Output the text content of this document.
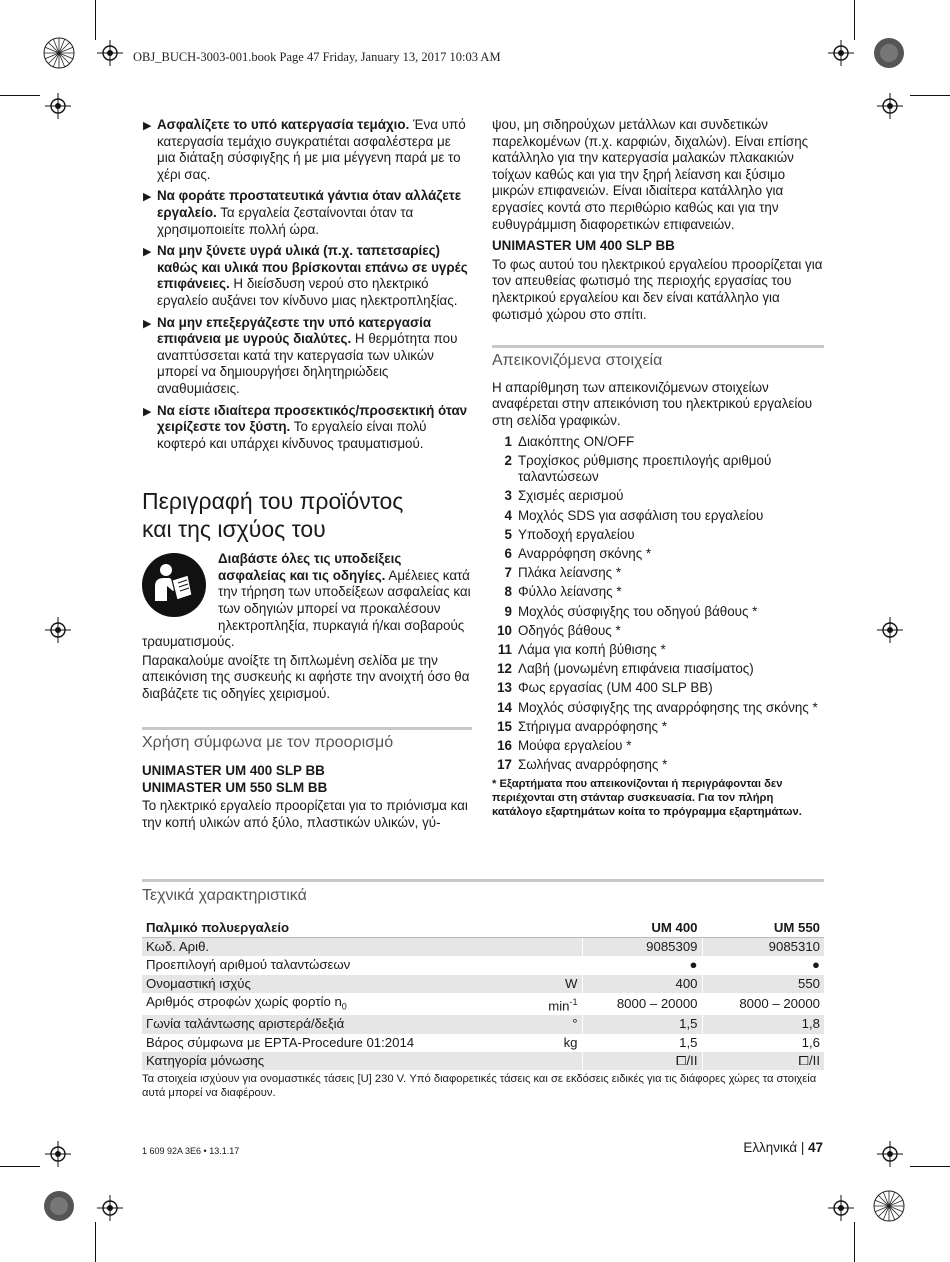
OBJ_BUCH-3003-001.book Page 47 Friday, January 13, 2017 10:03 AM
▶ Ασφαλίζετε το υπό κατεργασία τεμάχιο. Ένα υπό κατεργασία τεμάχιο συγκρατιέται ασφαλέστερα με μια διάταξη σύσφιγξης ή με μια μέγγενη παρά με το χέρι σας.
▶ Να φοράτε προστατευτικά γάντια όταν αλλάζετε εργαλείο. Τα εργαλεία ζεσταίνονται όταν τα χρησιμοποιείτε πολλή ώρα.
▶ Να μην ξύνετε υγρά υλικά (π.χ. ταπετσαρίες) καθώς και υλικά που βρίσκονται επάνω σε υγρές επιφάνειες. Η διείσδυση νερού στο ηλεκτρικό εργαλείο αυξάνει τον κίνδυνο μιας ηλεκτροπληξίας.
▶ Να μην επεξεργάζεστε την υπό κατεργασία επιφάνεια με υγρούς διαλύτες. Η θερμότητα που αναπτύσσεται κατά την κατεργασία των υλικών μπορεί να δημιουργήσει δηλητηριώδεις αναθυμιάσεις.
▶ Να είστε ιδιαίτερα προσεκτικός/προσεκτική όταν χειρίζεστε τον ξύστη. Το εργαλείο είναι πολύ κοφτερό και υπάρχει κίνδυνος τραυματισμού.
Περιγραφή του προϊόντος
και της ισχύος του

Διαβάστε όλες τις υποδείξεις ασφαλείας και τις οδηγίες. Αμέλειες κατά την τήρηση των υποδείξεων ασφαλείας και των οδηγιών μπορεί να προκαλέσουν ηλεκτροπληξία, πυρκαγιά ή/και σοβαρούς τραυματισμούς.

Παρακαλούμε ανοίξτε τη διπλωμένη σελίδα με την απεικόνιση της συσκευής κι αφήστε την ανοιχτή όσο θα διαβάζετε τις οδηγίες χειρισμού.

Χρήση σύμφωνα με τον προορισμό

UNIMASTER UM 400 SLP BB
UNIMASTER UM 550 SLM BB

Το ηλεκτρικό εργαλείο προορίζεται για το πριόνισμα και την κοπή υλικών από ξύλο, πλαστικών υλικών, γύ-

ψου, μη σιδηρούχων μετάλλων και συνδετικών παρελκομένων (π.χ. καρφιών, διχαλών). Είναι επίσης κατάλληλο για την κατεργασία μαλακών πλακακιών τοίχων καθώς και για την ξηρή λείανση και ξύσιμο μικρών επιφανειών. Είναι ιδιαίτερα κατάλληλο για εργασίες κοντά στο περιθώριο καθώς και για την ευθυγράμμιση διαφορετικών επιφανειών.

UNIMASTER UM 400 SLP BB

Το φως αυτού του ηλεκτρικού εργαλείου προορίζεται για τον απευθείας φωτισμό της περιοχής εργασίας του ηλεκτρικού εργαλείου και δεν είναι κατάλληλο για φωτισμό χώρου στο σπίτι.

Απεικονιζόμενα στοιχεία

Η απαρίθμηση των απεικονιζόμενων στοιχείων αναφέρεται στην απεικόνιση του ηλεκτρικού εργαλείου στη σελίδα γραφικών.

1 Διακόπτης ON/OFF
2 Τροχίσκος ρύθμισης προεπιλογής αριθμού ταλαντώσεων
3 Σχισμές αερισμού
4 Μοχλός SDS για ασφάλιση του εργαλείου
5 Υποδοχή εργαλείου
6 Αναρρόφηση σκόνης *
7 Πλάκα λείανσης *
8 Φύλλο λείανσης *
9 Μοχλός σύσφιγξης του οδηγού βάθους *
10 Οδηγός βάθους *
11 Λάμα για κοπή βύθισης *
12 Λαβή (μονωμένη επιφάνεια πιασίματος)
13 Φως εργασίας (UM 400 SLP BB)
14 Μοχλός σύσφιγξης της αναρρόφησης της σκόνης *
15 Στήριγμα αναρρόφησης *
16 Μούφα εργαλείου *
17 Σωλήνας αναρρόφησης *

* Εξαρτήματα που απεικονίζονται ή περιγράφονται δεν περιέχονται στη στάνταρ συσκευασία. Για τον πλήρη κατάλογο εξαρτημάτων κοίτα το πρόγραμμα εξαρτημάτων.

Τεχνικά χαρακτηριστικά
Παλμικό πολυεργαλείο		UM 400	UM 550
Κωδ. Αριθ.		9085309	9085310
Προεπιλογή αριθμού ταλαντώσεων		●	●
Ονομαστική ισχύς	W	400	550
Αριθμός στροφών χωρίς φορτίο $n_0$	$\min^{-1}$	8000 – 20000	8000 – 20000
Γωνία ταλάντωσης αριστερά/δεξιά	°	1,5	1,8
Βάρος σύμφωνα με EPTA-Procedure 01:2014	kg	1,5	1,6
Κατηγορία μόνωσης		⧠/II	⧠/II
Τα στοιχεία ισχύουν για ονομαστικές τάσεις [U] 230 V. Υπό διαφορετικές τάσεις και σε εκδόσεις ειδικές για τις διάφορες χώρες τα στοιχεία αυτά μπορεί να διαφέρουν.
1 609 92A 3E6 • 13.1.17	Ελληνικά | 47
